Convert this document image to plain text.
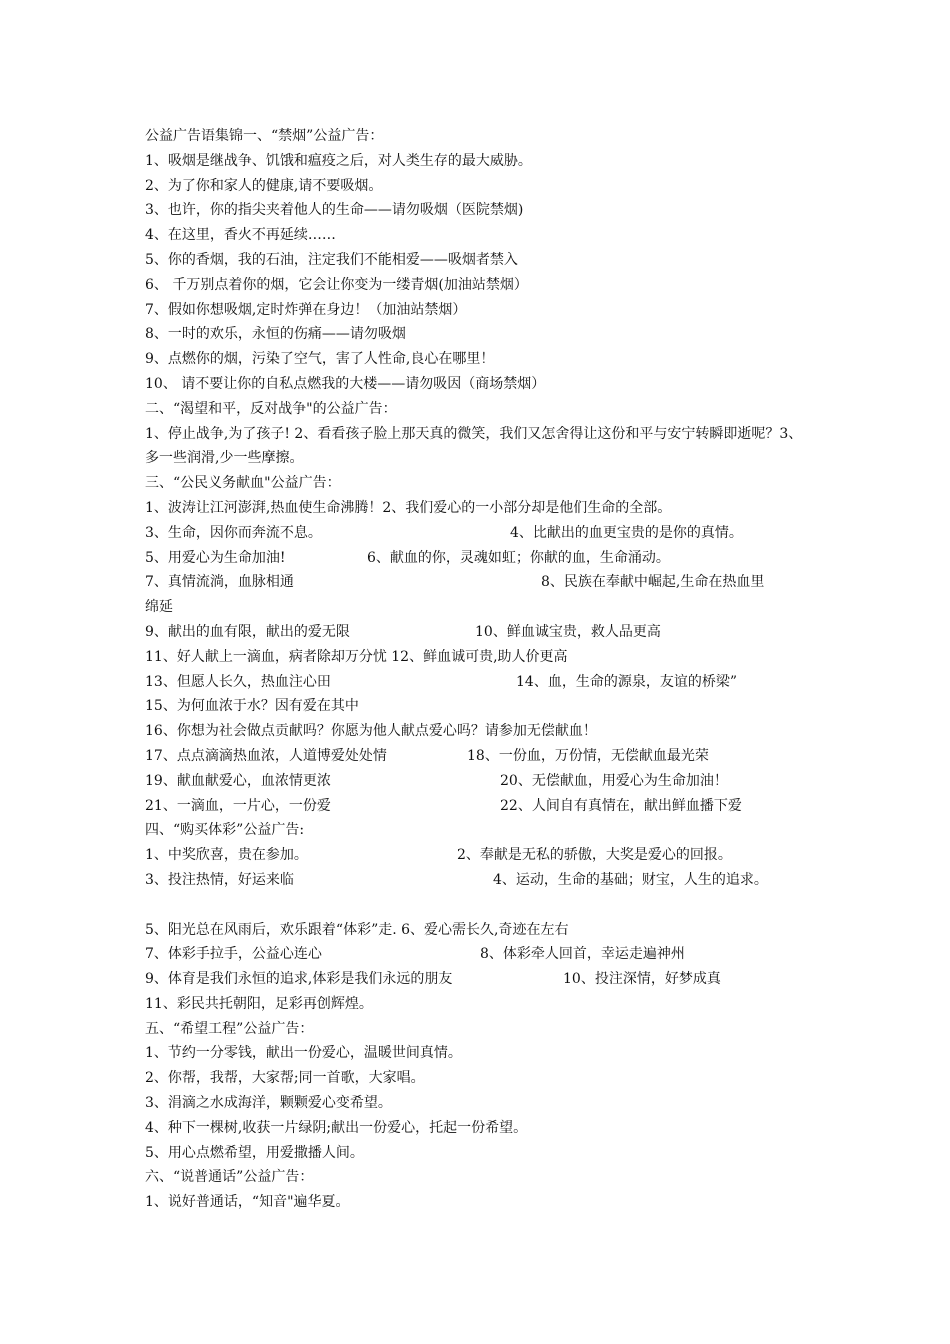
公益广告语集锦一、“禁烟”公益广告：
1、吸烟是继战争、饥饿和瘟疫之后，对人类生存的最大威胁。
2、为了你和家人的健康,请不要吸烟。
3、也许，你的指尖夹着他人的生命——请勿吸烟（医院禁烟)
4、在这里，香火不再延续……
5、你的香烟，我的石油，注定我们不能相爱——吸烟者禁入
6、 千万别点着你的烟，它会让你变为一缕青烟(加油站禁烟）
7、假如你想吸烟,定时炸弹在身边！（加油站禁烟）
8、一时的欢乐，永恒的伤痛——请勿吸烟
9、点燃你的烟，污染了空气，害了人性命,良心在哪里！
10、 请不要让你的自私点燃我的大楼——请勿吸因（商场禁烟）
二、“渴望和平，反对战争"的公益广告：
1、停止战争,为了孩子! 2、看看孩子脸上那天真的微笑，我们又怎舍得让这份和平与安宁转瞬即逝呢？3、多一些润滑,少一些摩擦。
三、“公民义务献血"公益广告：
1、波涛让江河澎湃,热血使生命沸腾！2、我们爱心的一小部分却是他们生命的全部。
3、生命，因你而奔流不息。	4、比献出的血更宝贵的是你的真情。
5、用爱心为生命加油!	6、献血的你，灵魂如虹；你献的血，生命涌动。
7、真情流淌，血脉相通	8、民族在奉献中崛起,生命在热血里
绵延
9、献出的血有限，献出的爱无限	10、鲜血诚宝贵，救人品更高
11、好人献上一滴血，病者除却万分忧 12、鲜血诚可贵,助人价更高
13、但愿人长久，热血注心田	14、血，生命的源泉，友谊的桥梁”
15、为何血浓于水？因有爱在其中
16、你想为社会做点贡献吗？你愿为他人献点爱心吗？请参加无偿献血！
17、点点滴滴热血浓，人道博爱处处情	18、一份血，万份情，无偿献血最光荣
19、献血献爱心，血浓情更浓	20、无偿献血，用爱心为生命加油！
21、一滴血，一片心，一份爱	22、人间自有真情在，献出鲜血播下爱
四、“购买体彩”公益广告:
1、中奖欣喜，贵在参加。	2、奉献是无私的骄傲，大奖是爱心的回报。
3、投注热情，好运来临	4、运动，生命的基础；财宝，人生的追求。
5、阳光总在风雨后，欢乐跟着“体彩”走. 6、爱心需长久,奇迹在左右
7、体彩手拉手，公益心连心	8、体彩牵人回首，幸运走遍神州
9、体育是我们永恒的追求,体彩是我们永远的朋友	10、投注深情，好梦成真
11、彩民共托朝阳，足彩再创辉煌。
五、“希望工程”公益广告：
1、节约一分零钱，献出一份爱心，温暖世间真情。
2、你帮，我帮，大家帮;同一首歌，大家唱。
3、涓滴之水成海洋，颗颗爱心变希望。
4、种下一棵树,收获一片绿阴;献出一份爱心，托起一份希望。
5、用心点燃希望，用爱撒播人间。
六、“说普通话”公益广告：
1、说好普通话，“知音"遍华夏。
